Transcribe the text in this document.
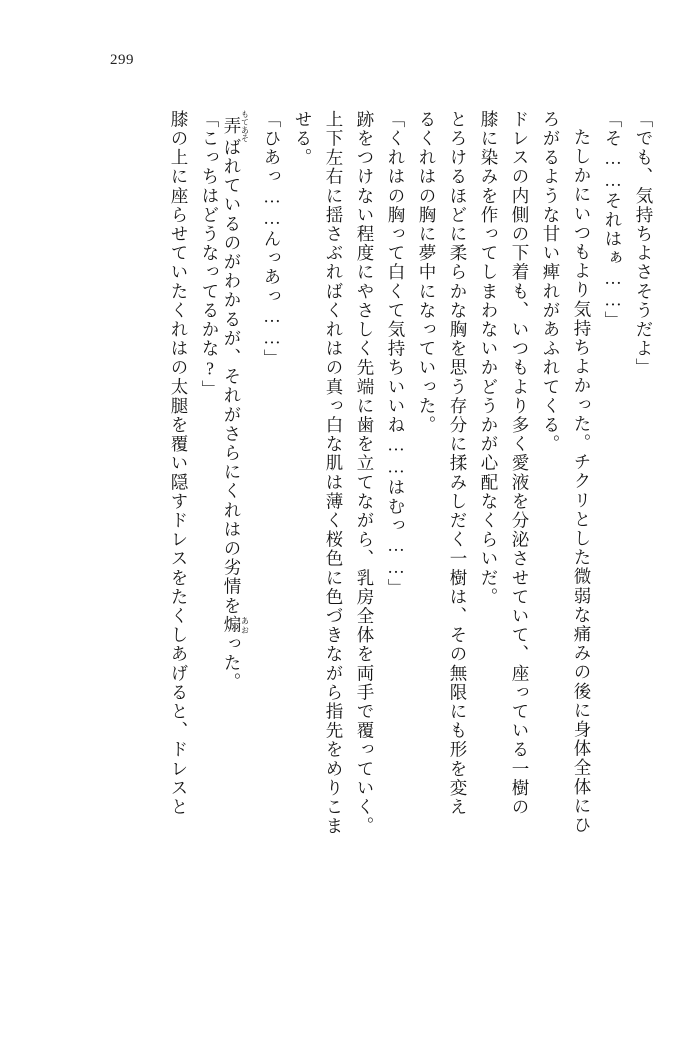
299
「でも、気持ちよさそうだよ」
「そ……それはぁ……」
たしかにいつもより気持ちよかった。チクリとした微弱な痛みの後に身体全体にひ
ろがるような甘い痺れがあふれてくる。
ドレスの内側の下着も、いつもより多く愛液を分泌させていて、座っている一樹の
膝に染みを作ってしまわないかどうかが心配なくらいだ。
とろけるほどに柔らかな胸を思う存分に揉みしだく一樹は、その無限にも形を変え
るくれはの胸に夢中になっていった。
「くれはの胸って白くて気持ちいいね……はむっ……」
跡をつけない程度にやさしく先端に歯を立てながら、乳房全体を両手で覆っていく。
上下左右に揺さぶればくれはの真っ白な肌は薄く桜色に色づきながら指先をめりこま
せる。
「ひあっ……んっあっ……」
弄もてあそばれているのがわかるが、それがさらにくれはの劣情を煽あおった。
「こっちはどうなってるかな?」
膝の上に座らせていたくれはの太腿を覆い隠すドレスをたくしあげると、ドレスと
